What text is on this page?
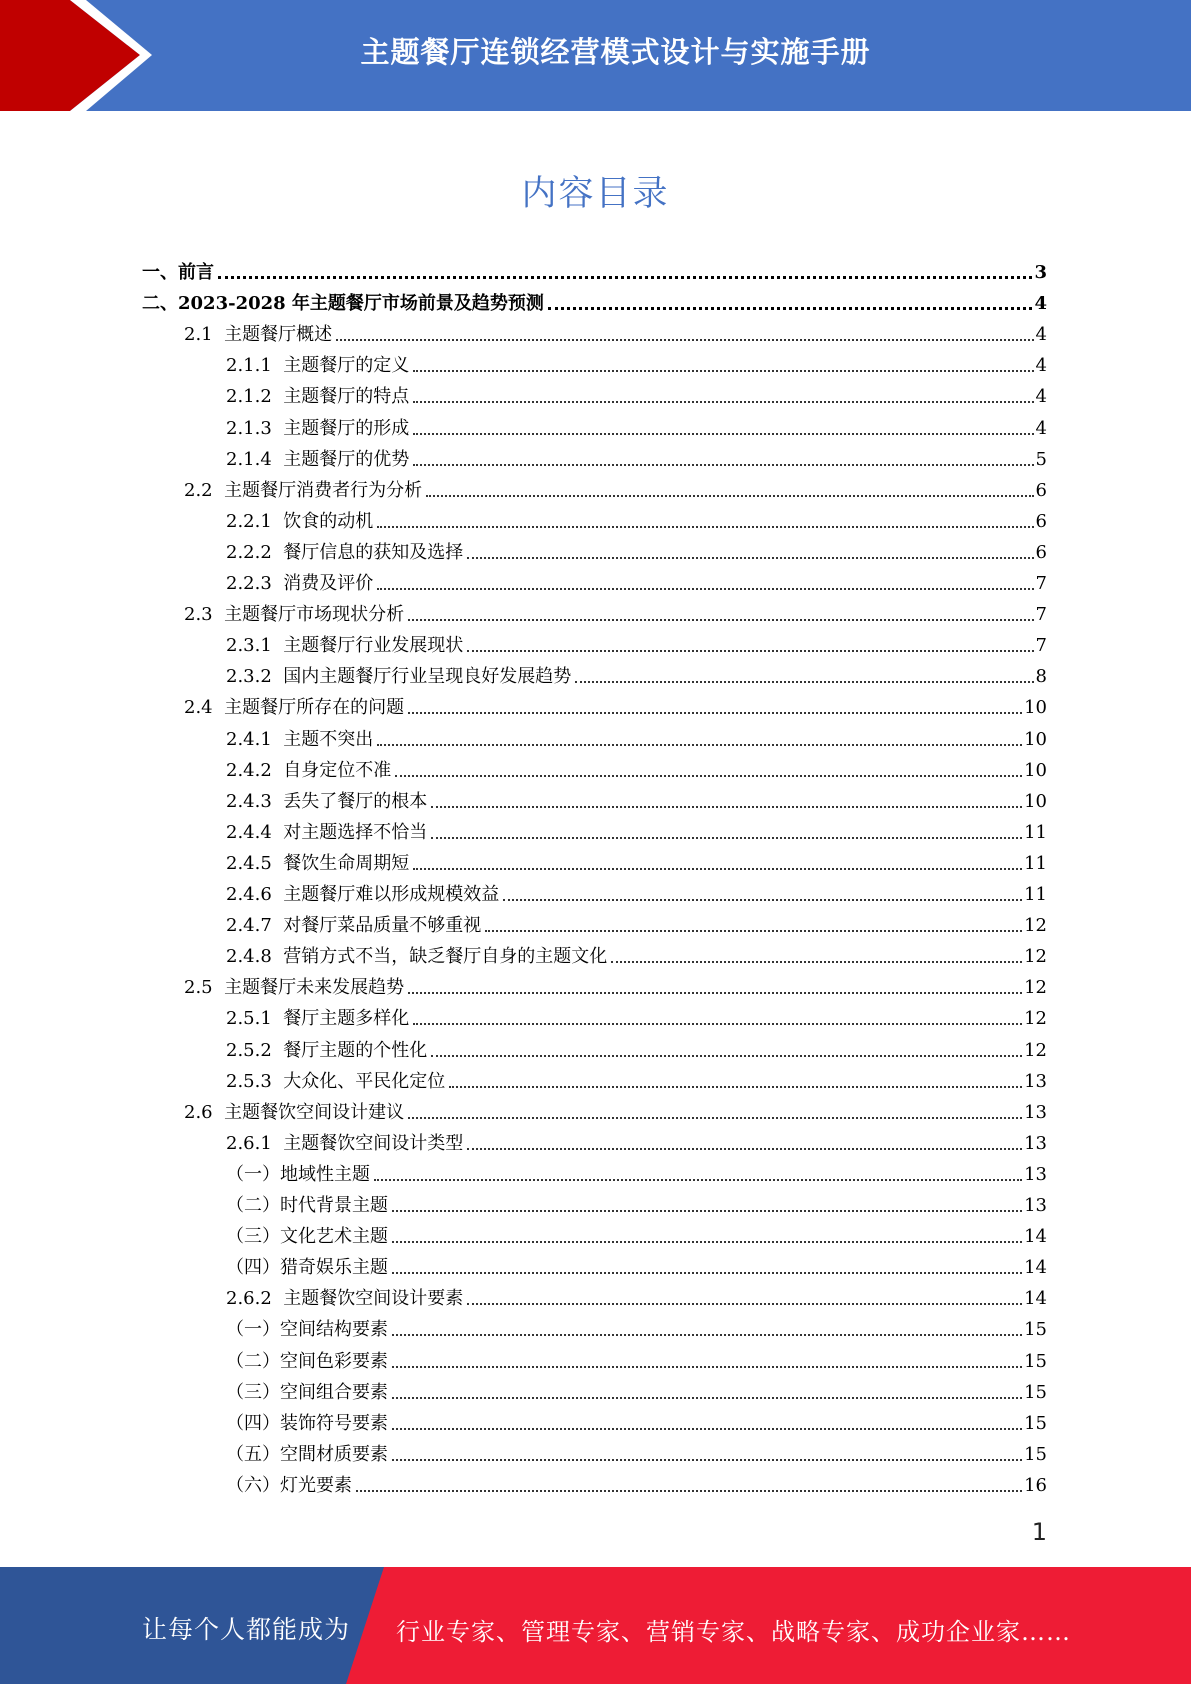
主题餐厅连锁经营模式设计与实施手册
内容目录
一、前言	3
二、2023-2028 年主题餐厅市场前景及趋势预测	4
2.1  主题餐厅概述	4
2.1.1  主题餐厅的定义	4
2.1.2  主题餐厅的特点	4
2.1.3  主题餐厅的形成	4
2.1.4  主题餐厅的优势	5
2.2  主题餐厅消费者行为分析	6
2.2.1  饮食的动机	6
2.2.2  餐厅信息的获知及选择	6
2.2.3  消费及评价	7
2.3  主题餐厅市场现状分析	7
2.3.1  主题餐厅行业发展现状	7
2.3.2  国内主题餐厅行业呈现良好发展趋势	8
2.4  主题餐厅所存在的问题	10
2.4.1  主题不突出	10
2.4.2  自身定位不准	10
2.4.3  丢失了餐厅的根本	10
2.4.4  对主题选择不恰当	11
2.4.5  餐饮生命周期短	11
2.4.6  主题餐厅难以形成规模效益	11
2.4.7  对餐厅菜品质量不够重视	12
2.4.8  营销方式不当，缺乏餐厅自身的主题文化	12
2.5  主题餐厅未来发展趋势	12
2.5.1  餐厅主题多样化	12
2.5.2  餐厅主题的个性化	12
2.5.3  大众化、平民化定位	13
2.6  主题餐饮空间设计建议	13
2.6.1  主题餐饮空间设计类型	13
（一）地域性主题	13
（二）时代背景主题	13
（三）文化艺术主题	14
（四）猎奇娱乐主题	14
2.6.2  主题餐饮空间设计要素	14
（一）空间结构要素	15
（二）空间色彩要素	15
（三）空间组合要素	15
（四）装饰符号要素	15
（五）空間材质要素	15
（六）灯光要素	16
1
让每个人都能成为 行业专家、管理专家、营销专家、战略专家、成功企业家……
